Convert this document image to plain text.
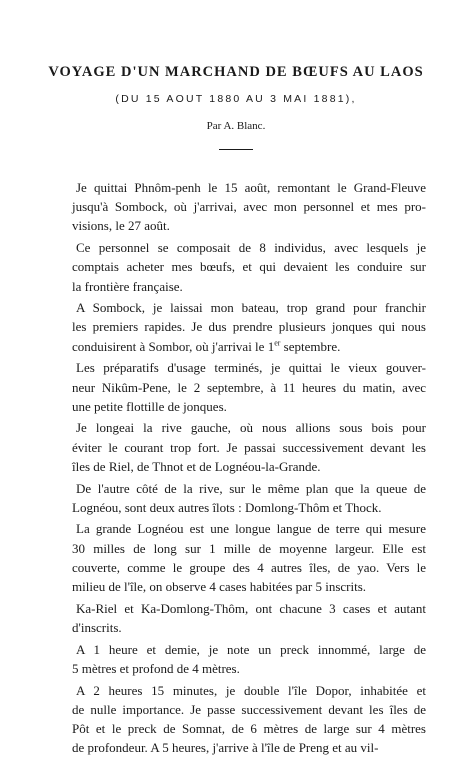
VOYAGE D'UN MARCHAND DE BŒUFS AU LAOS
(DU 15 AOUT 1880 AU 3 MAI 1881),
Par A. Blanc.
Je quittai Phnôm-penh le 15 août, remontant le Grand-Fleuve
jusqu'à Sombock, où j'arrivai, avec mon personnel et mes pro-
visions, le 27 août.
Ce personnel se composait de 8 individus, avec lesquels je
comptais acheter mes bœufs, et qui devaient les conduire sur
la frontière française.
A Sombock, je laissai mon bateau, trop grand pour franchir
les premiers rapides. Je dus prendre plusieurs jonques qui nous
conduisirent à Sombor, où j'arrivai le 1er septembre.
Les préparatifs d'usage terminés, je quittai le vieux gouver-
neur Nikûm-Pene, le 2 septembre, à 11 heures du matin, avec
une petite flottille de jonques.
Je longeai la rive gauche, où nous allions sous bois pour
éviter le courant trop fort. Je passai successivement devant les
îles de Riel, de Thnot et de Lognéou-la-Grande.
De l'autre côté de la rive, sur le même plan que la queue de
Lognéou, sont deux autres îlots : Domlong-Thôm et Thock.
La grande Lognéou est une longue langue de terre qui mesure
30 milles de long sur 1 mille de moyenne largeur. Elle est
couverte, comme le groupe des 4 autres îles, de yao. Vers le
milieu de l'île, on observe 4 cases habitées par 5 inscrits.
Ka-Riel et Ka-Domlong-Thôm, ont chacune 3 cases et autant
d'inscrits.
A 1 heure et demie, je note un preck innommé, large de
5 mètres et profond de 4 mètres.
A 2 heures 15 minutes, je double l'île Dopor, inhabitée et
de nulle importance. Je passe successivement devant les îles de
Pôt et le preck de Somnat, de 6 mètres de large sur 4 mètres
de profondeur. A 5 heures, j'arrive à l'île de Preng et au vil-
